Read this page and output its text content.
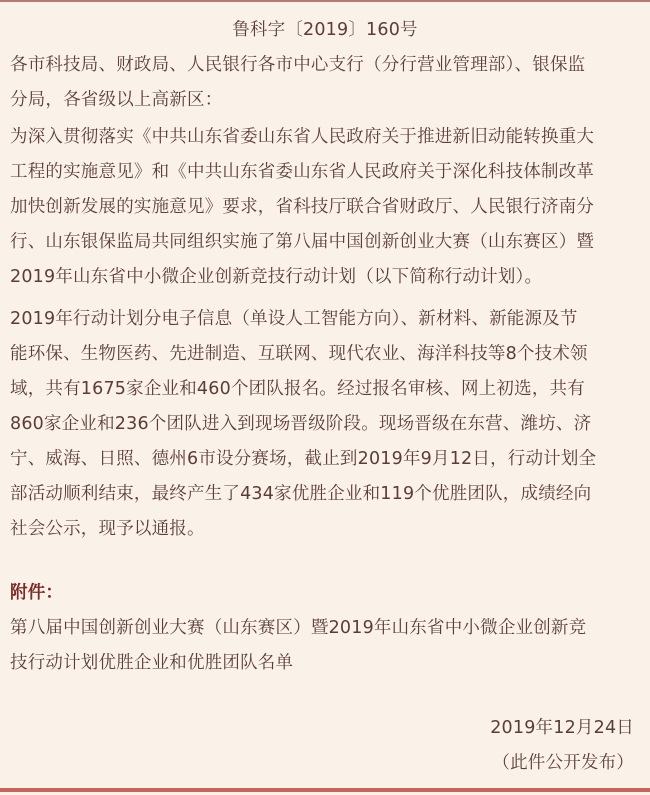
鲁科字〔2019〕160号
各市科技局、财政局、人民银行各市中心支行（分行营业管理部）、银保监
分局，各省级以上高新区：
为深入贯彻落实《中共山东省委山东省人民政府关于推进新旧动能转换重大
工程的实施意见》和《中共山东省委山东省人民政府关于深化科技体制改革
加快创新发展的实施意见》要求，省科技厅联合省财政厅、人民银行济南分
行、山东银保监局共同组织实施了第八届中国创新创业大赛（山东赛区）暨
2019年山东省中小微企业创新竞技行动计划（以下简称行动计划）。
2019年行动计划分电子信息（单设人工智能方向）、新材料、新能源及节
能环保、生物医药、先进制造、互联网、现代农业、海洋科技等8个技术领
域，共有1675家企业和460个团队报名。经过报名审核、网上初选，共有
860家企业和236个团队进入到现场晋级阶段。现场晋级在东营、潍坊、济
宁、威海、日照、德州6市设分赛场，截止到2019年9月12日，行动计划全
部活动顺利结束，最终产生了434家优胜企业和119个优胜团队，成绩经向
社会公示，现予以通报。
附件：
第八届中国创新创业大赛（山东赛区）暨2019年山东省中小微企业创新竞
技行动计划优胜企业和优胜团队名单
2019年12月24日
（此件公开发布）
